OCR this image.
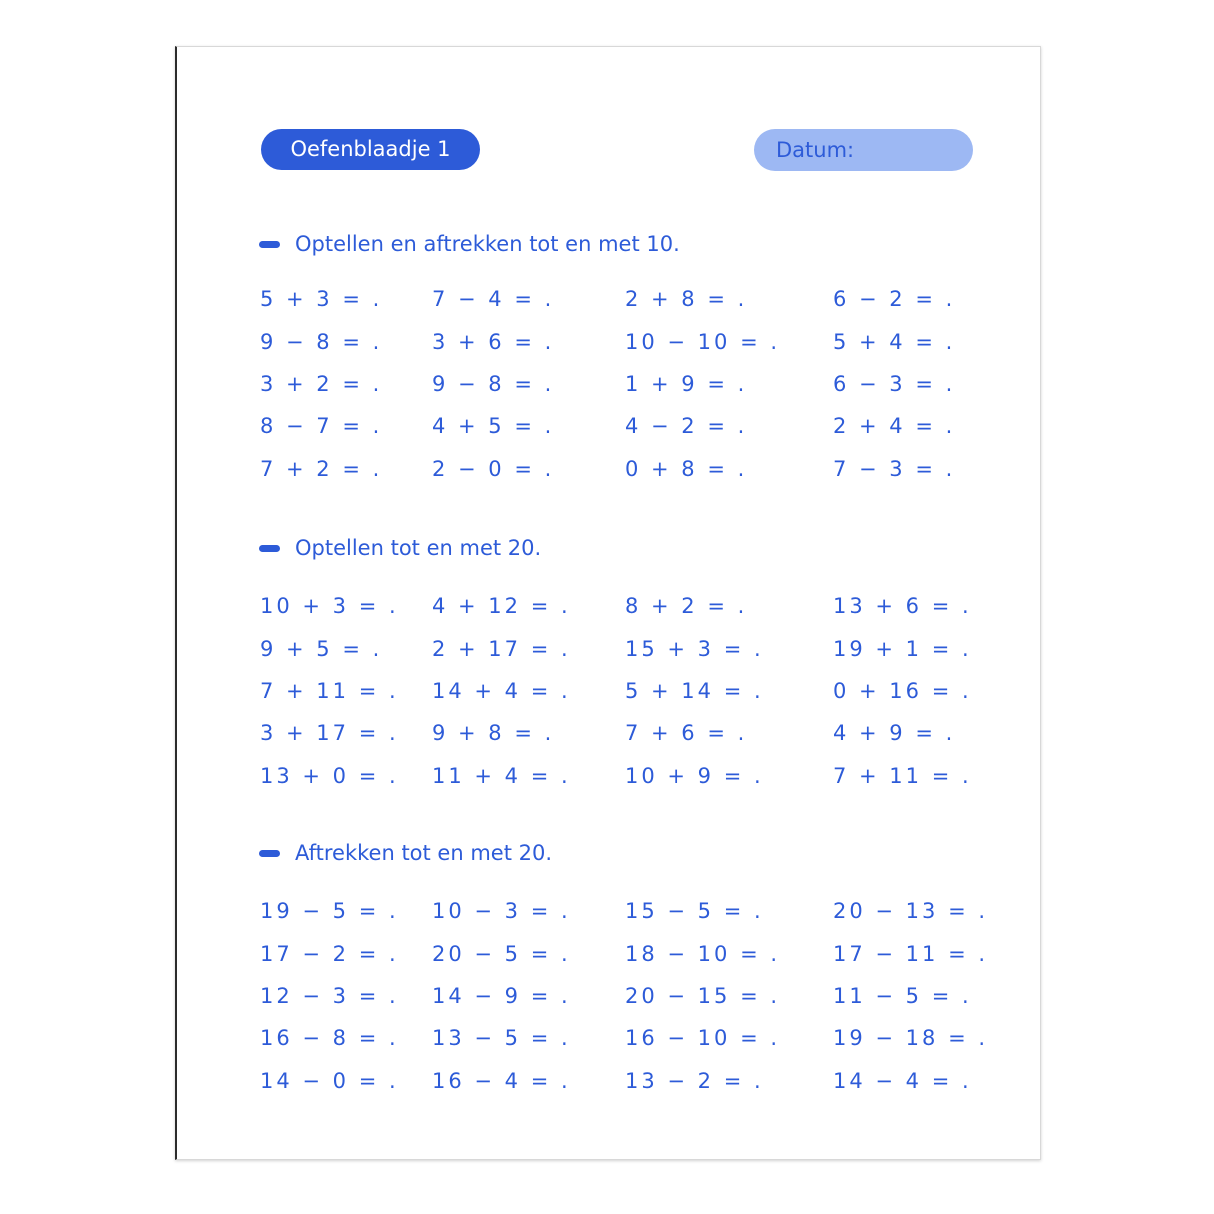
Oefenblaadje 1	Datum:
Optellen en aftrekken tot en met 10.
5 + 3 = .	7 − 4 = .	2 + 8 = .	6 − 2 = .
9 − 8 = .	3 + 6 = .	10 − 10 = .	5 + 4 = .
3 + 2 = .	9 − 8 = .	1 + 9 = .	6 − 3 = .
8 − 7 = .	4 + 5 = .	4 − 2 = .	2 + 4 = .
7 + 2 = .	2 − 0 = .	0 + 8 = .	7 − 3 = .
Optellen tot en met 20.
10 + 3 = .	4 + 12 = .	8 + 2 = .	13 + 6 = .
9 + 5 = .	2 + 17 = .	15 + 3 = .	19 + 1 = .
7 + 11 = .	14 + 4 = .	5 + 14 = .	0 + 16 = .
3 + 17 = .	9 + 8 = .	7 + 6 = .	4 + 9 = .
13 + 0 = .	11 + 4 = .	10 + 9 = .	7 + 11 = .
Aftrekken tot en met 20.
19 − 5 = .	10 − 3 = .	15 − 5 = .	20 − 13 = .
17 − 2 = .	20 − 5 = .	18 − 10 = .	17 − 11 = .
12 − 3 = .	14 − 9 = .	20 − 15 = .	11 − 5 = .
16 − 8 = .	13 − 5 = .	16 − 10 = .	19 − 18 = .
14 − 0 = .	16 − 4 = .	13 − 2 = .	14 − 4 = .
